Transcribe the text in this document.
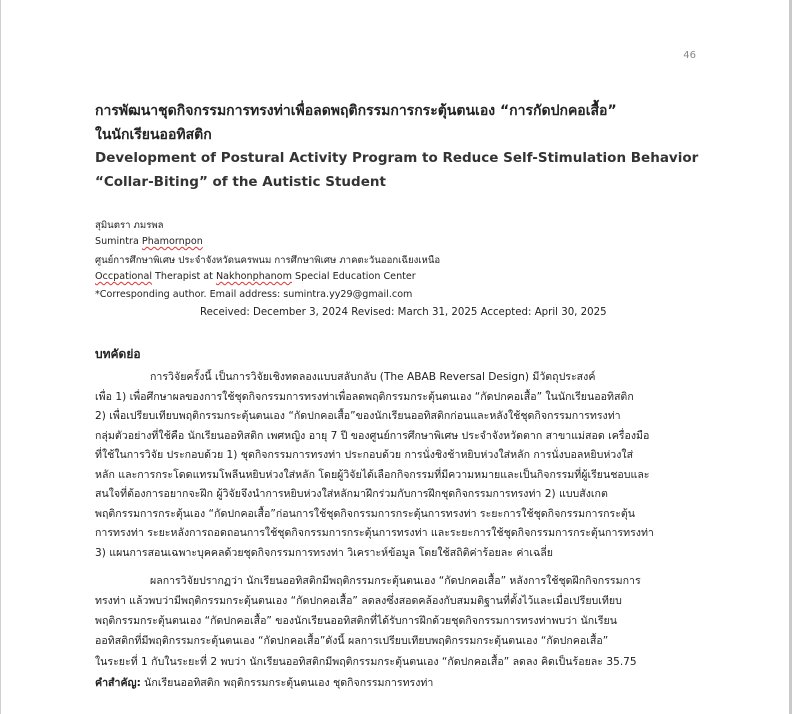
46
การพัฒนาชุดกิจกรรมการทรงท่าเพื่อลดพฤติกรรมการกระตุ้นตนเอง “การกัดปกคอเสื้อ”
ในนักเรียนออทิสติก
Development of Postural Activity Program to Reduce Self-Stimulation Behavior
“Collar-Biting” of the Autistic Student
สุมินตรา ภมรพล
Sumintra Phamornpon
ศูนย์การศึกษาพิเศษ ประจำจังหวัดนครพนม การศึกษาพิเศษ ภาคตะวันออกเฉียงเหนือ
Occpational Therapist at Nakhonphanom Special Education Center
*Corresponding author. Email address: sumintra.yy29@gmail.com
Received: December 3, 2024 Revised: March 31, 2025 Accepted: April 30, 2025
บทคัดย่อ
การวิจัยครั้งนี้ เป็นการวิจัยเชิงทดลองแบบสลับกลับ (The ABAB Reversal Design) มีวัตถุประสงค์
เพื่อ 1) เพื่อศึกษาผลของการใช้ชุดกิจกรรมการทรงท่าเพื่อลดพฤติกรรมกระตุ้นตนเอง “กัดปกคอเสื้อ” ในนักเรียนออทิสติก
2) เพื่อเปรียบเทียบพฤติกรรมกระตุ้นตนเอง “กัดปกคอเสื้อ”ของนักเรียนออทิสติกก่อนและหลังใช้ชุดกิจกรรมการทรงท่า
กลุ่มตัวอย่างที่ใช้คือ นักเรียนออทิสติก เพศหญิง อายุ 7 ปี ของศูนย์การศึกษาพิเศษ ประจำจังหวัดตาก สาขาแม่สอด เครื่องมือ
ที่ใช้ในการวิจัย ประกอบด้วย 1) ชุดกิจกรรมการทรงท่า ประกอบด้วย การนั่งชิงช้าหยิบห่วงใส่หลัก การนั่งบอลหยิบห่วงใส่
หลัก และการกระโดดแทรมโพลีนหยิบห่วงใส่หลัก โดยผู้วิจัยได้เลือกกิจกรรมที่มีความหมายและเป็นกิจกรรมที่ผู้เรียนชอบและ
สนใจที่ต้องการอยากจะฝึก ผู้วิจัยจึงนำการหยิบห่วงใส่หลักมาฝึกร่วมกับการฝึกชุดกิจกรรมการทรงท่า 2) แบบสังเกต
พฤติกรรมการกระตุ้นเอง “กัดปกคอเสื้อ”ก่อนการใช้ชุดกิจกรรมการกระตุ้นการทรงท่า ระยะการใช้ชุดกิจกรรมการกระตุ้น
การทรงท่า ระยะหลังการถอดถอนการใช้ชุดกิจกรรมการกระตุ้นการทรงท่า และระยะการใช้ชุดกิจกรรมการกระตุ้นการทรงท่า
3) แผนการสอนเฉพาะบุคคลด้วยชุดกิจกรรมการทรงท่า วิเคราะห์ข้อมูล โดยใช้สถิติค่าร้อยละ ค่าเฉลี่ย
ผลการวิจัยปรากฏว่า นักเรียนออทิสติกมีพฤติกรรมกระตุ้นตนเอง “กัดปกคอเสื้อ” หลังการใช้ชุดฝึกกิจกรรมการ
ทรงท่า แล้วพบว่ามีพฤติกรรมกระตุ้นตนเอง “กัดปกคอเสื้อ” ลดลงซึ่งสอดคล้องกับสมมติฐานที่ตั้งไว้และเมื่อเปรียบเทียบ
พฤติกรรมกระตุ้นตนเอง “กัดปกคอเสื้อ” ของนักเรียนออทิสติกที่ได้รับการฝึกด้วยชุดกิจกรรมการทรงท่าพบว่า นักเรียน
ออทิสติกที่มีพฤติกรรมกระตุ้นตนเอง “กัดปกคอเสื้อ”ดังนี้ ผลการเปรียบเทียบพฤติกรรมกระตุ้นตนเอง “กัดปกคอเสื้อ”
ในระยะที่ 1 กับในระยะที่ 2 พบว่า นักเรียนออทิสติกมีพฤติกรรมกระตุ้นตนเอง “กัดปกคอเสื้อ” ลดลง คิดเป็นร้อยละ 35.75
คำสำคัญ: นักเรียนออทิสติก พฤติกรรมกระตุ้นตนเอง ชุดกิจกรรมการทรงท่า
